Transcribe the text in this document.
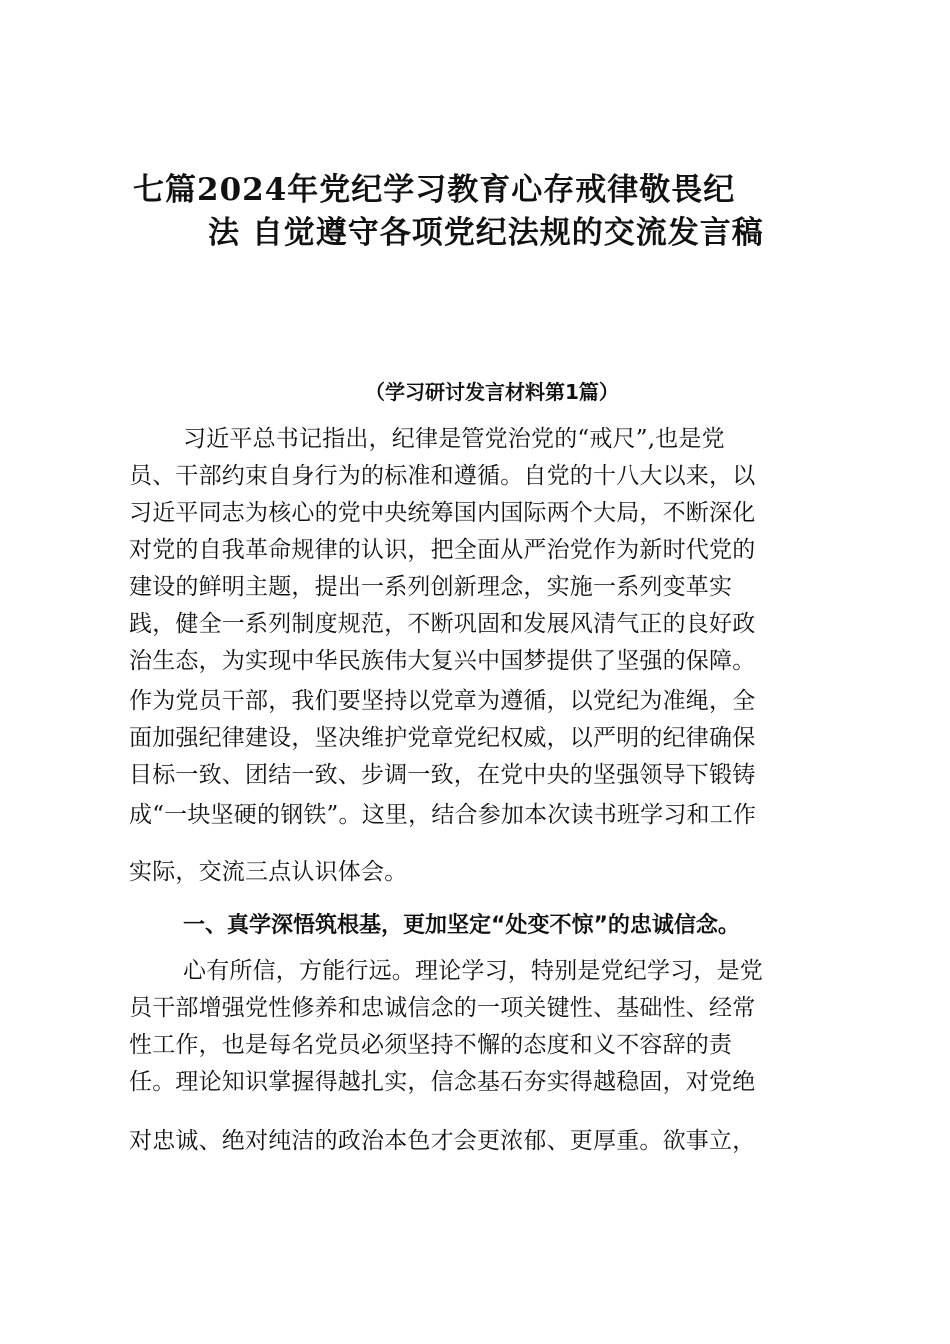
七篇2024年党纪学习教育心存戒律敬畏纪
法 自觉遵守各项党纪法规的交流发言稿
（学习研讨发言材料第1篇）
习近平总书记指出，纪律是管党治党的“戒尺”,也是党
员、干部约束自身行为的标准和遵循。自党的十八大以来，以
习近平同志为核心的党中央统筹国内国际两个大局，不断深化
对党的自我革命规律的认识，把全面从严治党作为新时代党的
建设的鲜明主题，提出一系列创新理念，实施一系列变革实
践，健全一系列制度规范，不断巩固和发展风清气正的良好政
治生态，为实现中华民族伟大复兴中国梦提供了坚强的保障。
作为党员干部，我们要坚持以党章为遵循，以党纪为准绳，全
面加强纪律建设，坚决维护党章党纪权威，以严明的纪律确保
目标一致、团结一致、步调一致，在党中央的坚强领导下锻铸
成“一块坚硬的钢铁”。这里，结合参加本次读书班学习和工作
实际，交流三点认识体会。
一、真学深悟筑根基，更加坚定“处变不惊”的忠诚信念。
心有所信，方能行远。理论学习，特别是党纪学习，是党
员干部增强党性修养和忠诚信念的一项关键性、基础性、经常
性工作，也是每名党员必须坚持不懈的态度和义不容辞的责
任。理论知识掌握得越扎实，信念基石夯实得越稳固，对党绝
对忠诚、绝对纯洁的政治本色才会更浓郁、更厚重。欲事立，
